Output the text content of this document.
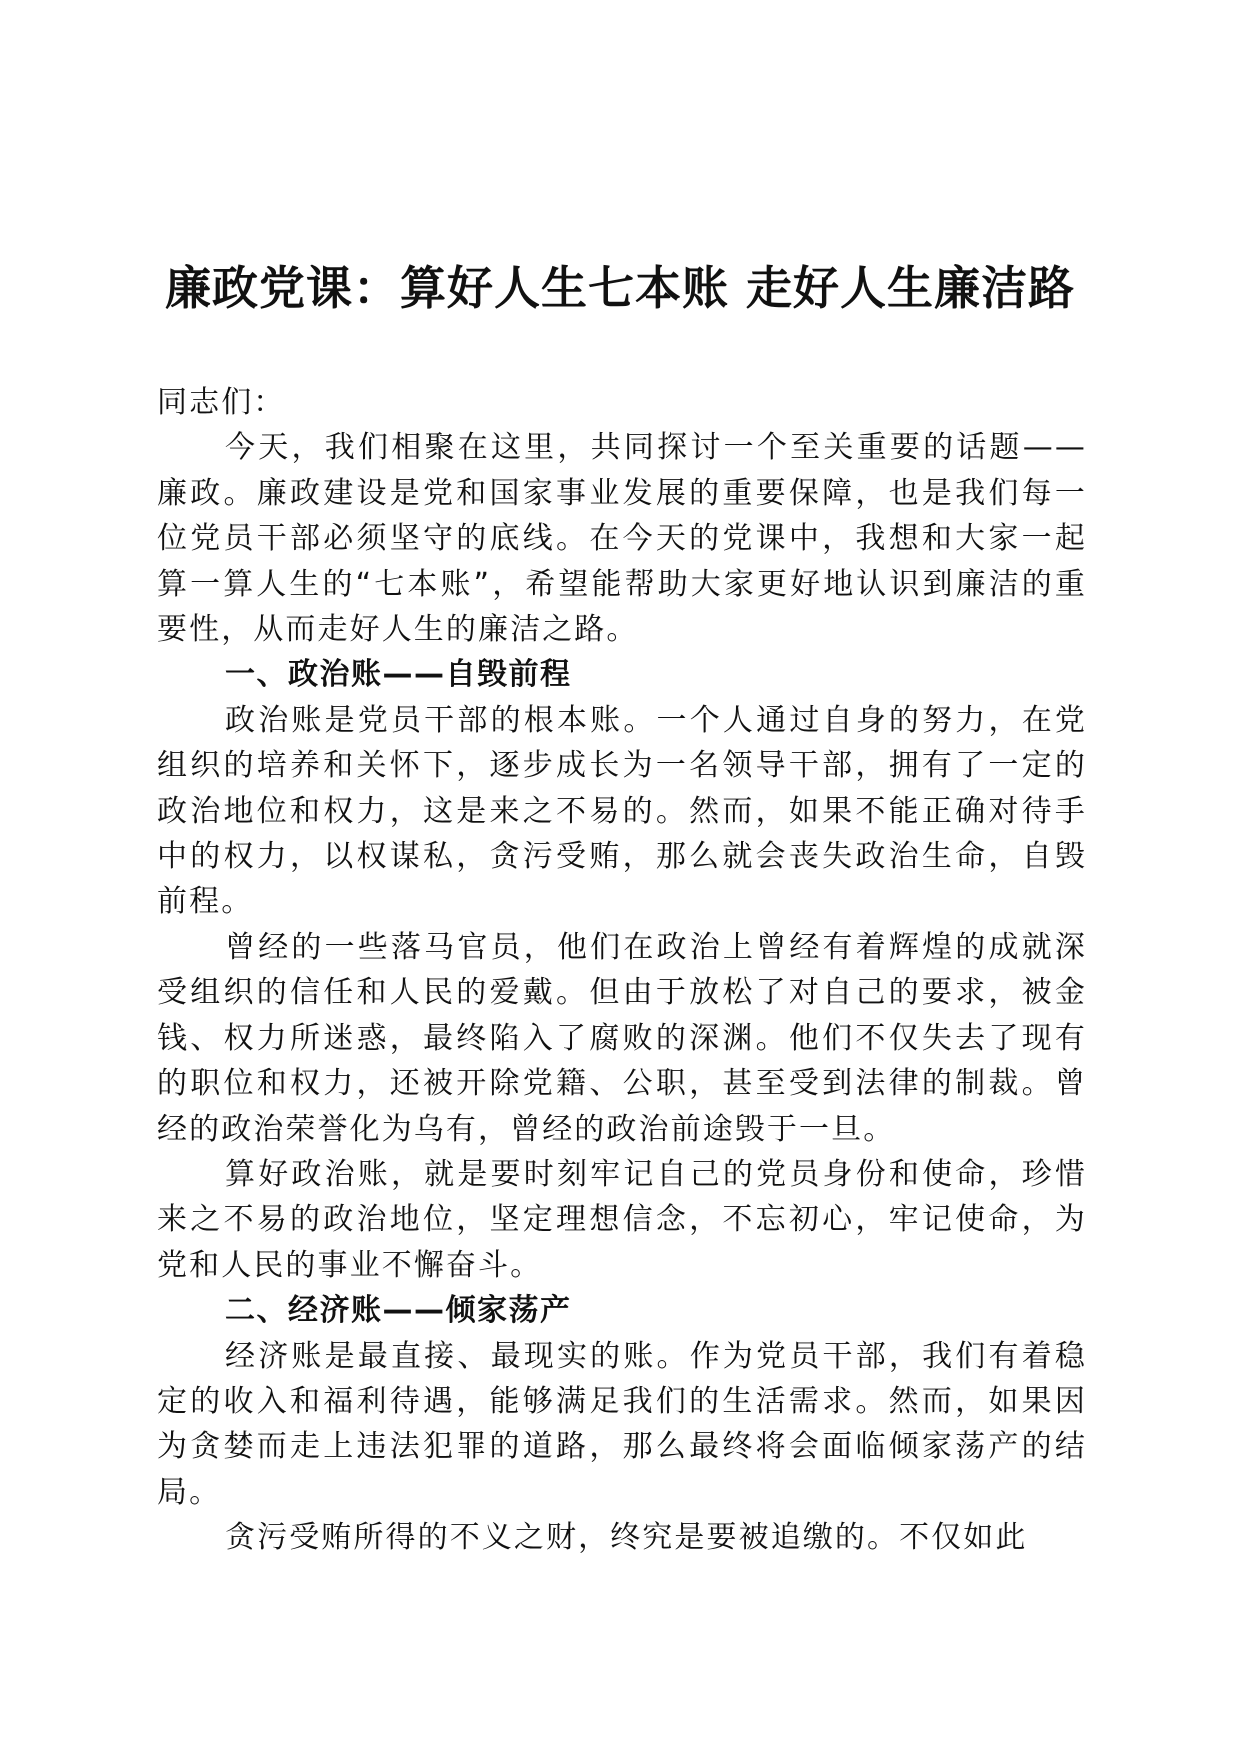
廉政党课：算好人生七本账 走好人生廉洁路

同志们：

今天，我们相聚在这里，共同探讨一个至关重要的话题——廉政。廉政建设是党和国家事业发展的重要保障，也是我们每一位党员干部必须坚守的底线。在今天的党课中，我想和大家一起算一算人生的“七本账”，希望能帮助大家更好地认识到廉洁的重要性，从而走好人生的廉洁之路。

一、政治账——自毁前程

政治账是党员干部的根本账。一个人通过自身的努力，在党组织的培养和关怀下，逐步成长为一名领导干部，拥有了一定的政治地位和权力，这是来之不易的。然而，如果不能正确对待手中的权力，以权谋私，贪污受贿，那么就会丧失政治生命，自毁前程。

曾经的一些落马官员，他们在政治上曾经有着辉煌的成就深受组织的信任和人民的爱戴。但由于放松了对自己的要求，被金钱、权力所迷惑，最终陷入了腐败的深渊。他们不仅失去了现有的职位和权力，还被开除党籍、公职，甚至受到法律的制裁。曾经的政治荣誉化为乌有，曾经的政治前途毁于一旦。

算好政治账，就是要时刻牢记自己的党员身份和使命，珍惜来之不易的政治地位，坚定理想信念，不忘初心，牢记使命，为党和人民的事业不懈奋斗。

二、经济账——倾家荡产

经济账是最直接、最现实的账。作为党员干部，我们有着稳定的收入和福利待遇，能够满足我们的生活需求。然而，如果因为贪婪而走上违法犯罪的道路，那么最终将会面临倾家荡产的结局。

贪污受贿所得的不义之财，终究是要被追缴的。不仅如此
